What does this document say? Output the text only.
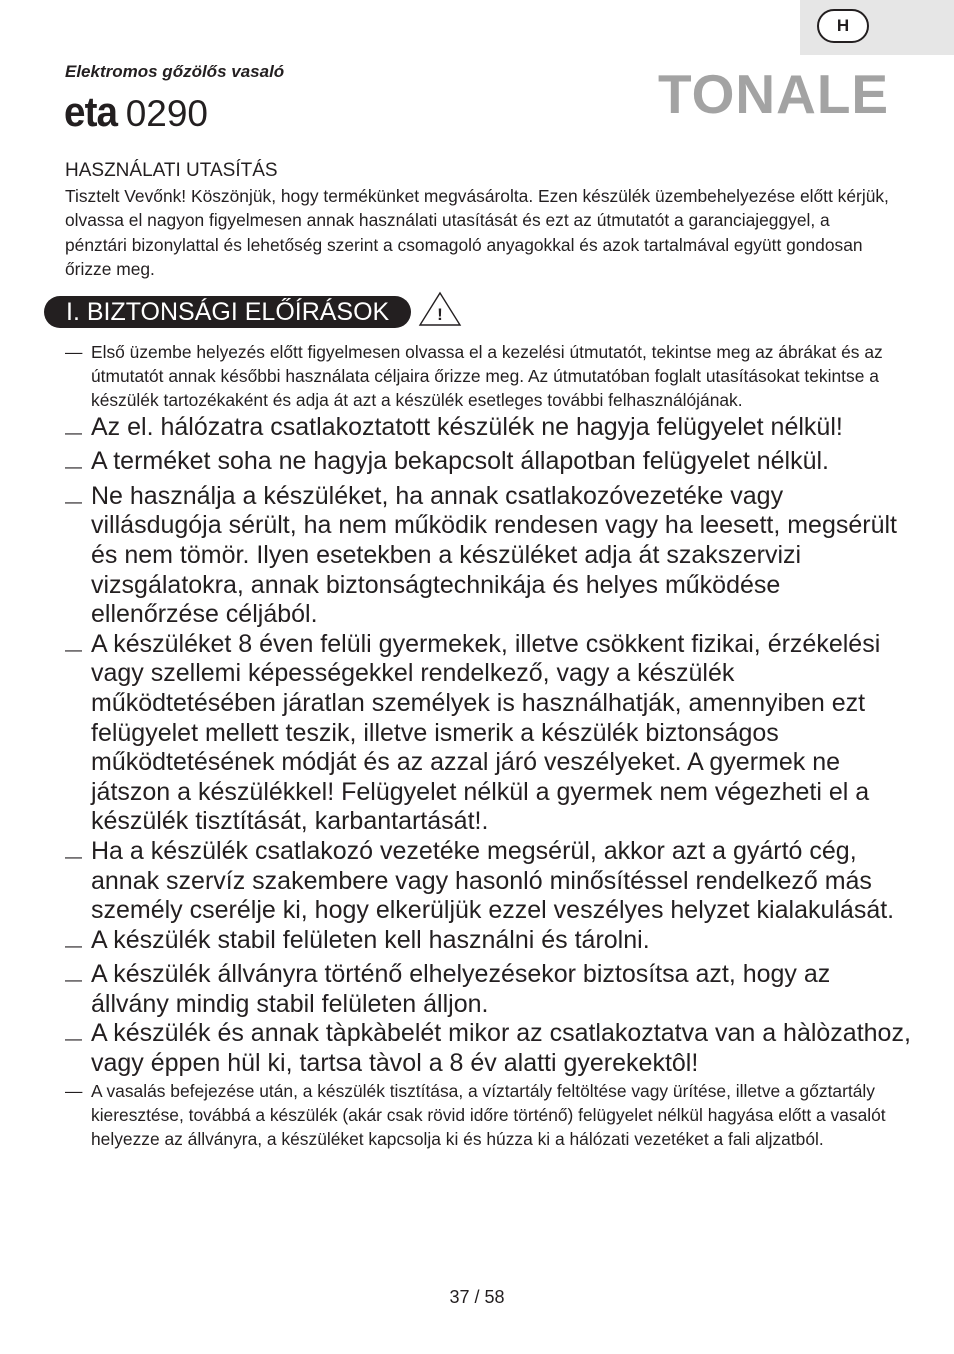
H
Elektromos gőzölős vasaló
eta 0290	TONALE
HASZNÁLATI UTASÍTÁS
Tisztelt Vevőnk! Köszönjük, hogy termékünket megvásárolta. Ezen készülék üzembehelyezése előtt kérjük, olvassa el nagyon figyelmesen annak használati utasítását és ezt az útmutatót a garanciajeggyel, a pénztári bizonylattal és lehetőség szerint a csomagoló anyagokkal és azok tartalmával együtt gondosan őrizze meg.
I. BIZTONSÁGI ELŐÍRÁSOK	!
— Első üzembe helyezés előtt figyelmesen olvassa el a kezelési útmutatót, tekintse meg az ábrákat és az útmutatót annak későbbi használata céljaira őrizze meg. Az útmutatóban foglalt utasításokat tekintse a készülék tartozékaként és adja át azt a készülék esetleges további felhasználójának.
— Az el. hálózatra csatlakoztatott készülék ne hagyja felügyelet nélkül!
— A terméket soha ne hagyja bekapcsolt állapotban felügyelet nélkül.
— Ne használja a készüléket, ha annak csatlakozóvezetéke vagy villásdugója sérült, ha nem működik rendesen vagy ha leesett, megsérült és nem tömör. Ilyen esetekben a készüléket adja át szakszervizi vizsgálatokra, annak biztonságtechnikája és helyes működése ellenőrzése céljából.
— A készüléket 8 éven felüli gyermekek, illetve csökkent fizikai, érzékelési vagy szellemi képességekkel rendelkező, vagy a készülék működtetésében járatlan személyek is használhatják, amennyiben ezt felügyelet mellett teszik, illetve ismerik a készülék biztonságos működtetésének módját és az azzal járó veszélyeket. A gyermek ne játszon a készülékkel! Felügyelet nélkül a gyermek nem végezheti el a készülék tisztítását, karbantartását!.
— Ha a készülék csatlakozó vezetéke megsérül, akkor azt a gyártó cég, annak szervíz szakembere vagy hasonló minősítéssel rendelkező más személy cserélje ki, hogy elkerüljük ezzel veszélyes helyzet kialakulását.
— A készülék stabil felületen kell használni és tárolni.
— A készülék állványra történő elhelyezésekor biztosítsa azt, hogy az állvány mindig stabil felületen álljon.
— A készülék és annak tàpkàbelét mikor az csatlakoztatva van a hàlòzathoz, vagy éppen hül ki, tartsa tàvol a 8 év alatti gyerekektôl!
— A vasalás befejezése után, a készülék tisztítása, a víztartály feltöltése vagy ürítése, illetve a gőztartály kieresztése, továbbá a készülék (akár csak rövid időre történő) felügyelet nélkül hagyása előtt a vasalót helyezze az állványra, a készüléket kapcsolja ki és húzza ki a hálózati vezetéket a fali aljzatból.
37 / 58
